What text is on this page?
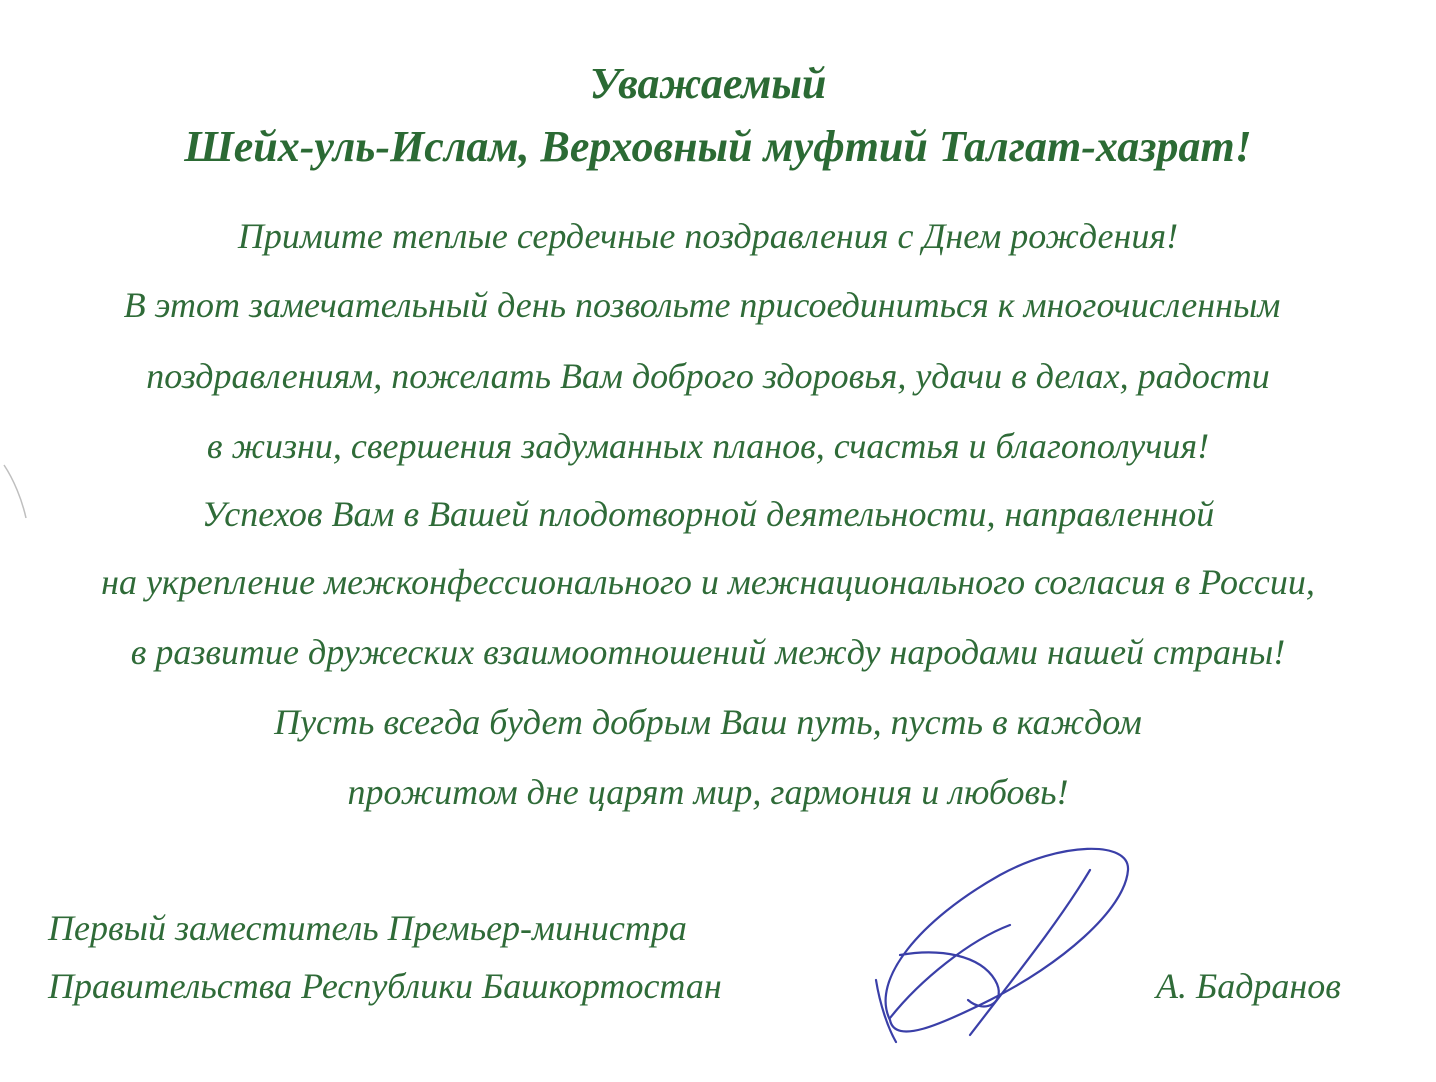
Уважаемый
Шейх-уль-Ислам, Верховный муфтий Талгат-хазрат!
Примите теплые сердечные поздравления с Днем рождения!
В этот замечательный день позвольте присоединиться к многочисленным
поздравлениям, пожелать Вам доброго здоровья, удачи в делах, радости
в жизни, свершения задуманных планов, счастья и благополучия!
Успехов Вам в Вашей плодотворной деятельности, направленной
на укрепление межконфессионального и межнационального согласия в России,
в развитие дружеских взаимоотношений между народами нашей страны!
Пусть всегда будет добрым Ваш путь, пусть в каждом
прожитом дне царят мир, гармония и любовь!
Первый заместитель Премьер-министра
Правительства Республики Башкортостан	А. Бадранов
